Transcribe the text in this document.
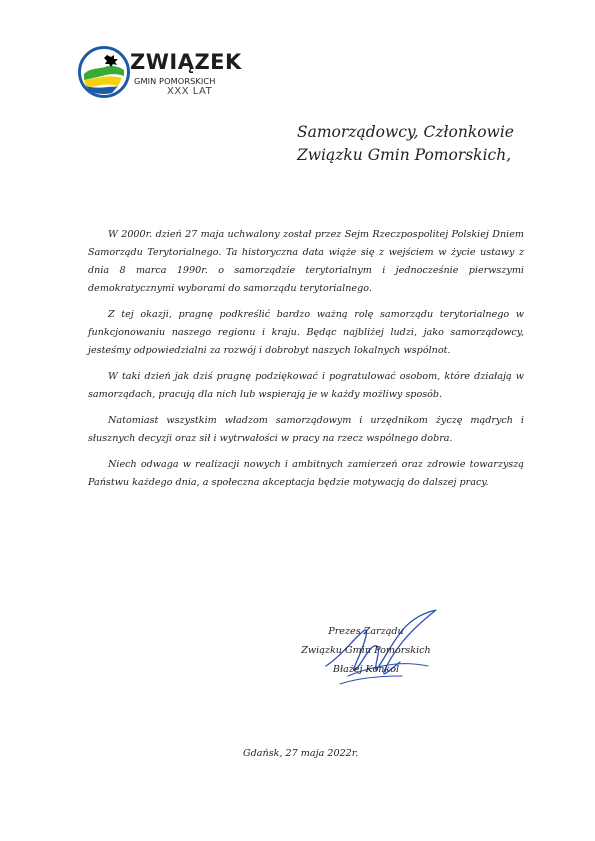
ZWIĄZEK
GMIN POMORSKICH
XXX LAT
Samorządowcy, Członkowie
Związku Gmin Pomorskich,

W 2000r. dzień 27 maja uchwalony został przez Sejm Rzeczpospolitej Polskiej Dniem Samorządu Terytorialnego. Ta historyczna data wiąże się z wejściem w życie ustawy z dnia 8 marca 1990r. o samorządzie terytorialnym i jednocześnie pierwszymi demokratycznymi wyborami do samorządu terytorialnego.

Z tej okazji, pragnę podkreślić bardzo ważną rolę samorządu terytorialnego w funkcjonowaniu naszego regionu i kraju. Będąc najbliżej ludzi, jako samorządowcy, jesteśmy odpowiedzialni za rozwój i dobrobyt naszych lokalnych wspólnot.

W taki dzień jak dziś pragnę podziękować i pogratulować osobom, które działają w samorządach, pracują dla nich lub wspierają je w każdy możliwy sposób.

Natomiast wszystkim władzom samorządowym i urzędnikom życzę mądrych i słusznych decyzji oraz sił i wytrwałości w pracy na rzecz wspólnego dobra.

Niech odwaga w realizacji nowych i ambitnych zamierzeń oraz zdrowie towarzyszą Państwu każdego dnia, a społeczna akceptacja będzie motywacją do dalszej pracy.

Prezes Zarządu
Związku Gmin Pomorskich
Błażej Konkol
Gdańsk, 27 maja 2022r.
